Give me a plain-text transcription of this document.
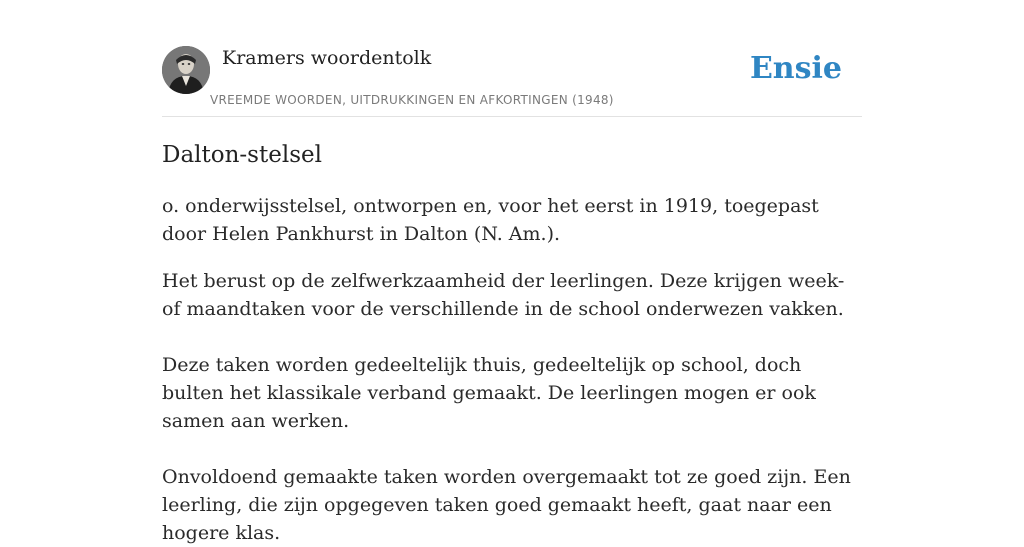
Kramers woordentolk
VREEMDE WOORDEN, UITDRUKKINGEN EN AFKORTINGEN (1948)
Ensie
Dalton-stelsel

o. onderwijsstelsel, ontworpen en, voor het eerst in 1919, toegepast door Helen Pankhurst in Dalton (N. Am.).

Het berust op de zelfwerkzaamheid der leerlingen. Deze krijgen week- of maandtaken voor de verschillende in de school onderwezen vakken.

Deze taken worden gedeeltelijk thuis, gedeeltelijk op school, doch bulten het klassikale verband gemaakt. De leerlingen mogen er ook samen aan werken.

Onvoldoend gemaakte taken worden overgemaakt tot ze goed zijn. Een leerling, die zijn opgegeven taken goed gemaakt heeft, gaat naar een hogere klas.
